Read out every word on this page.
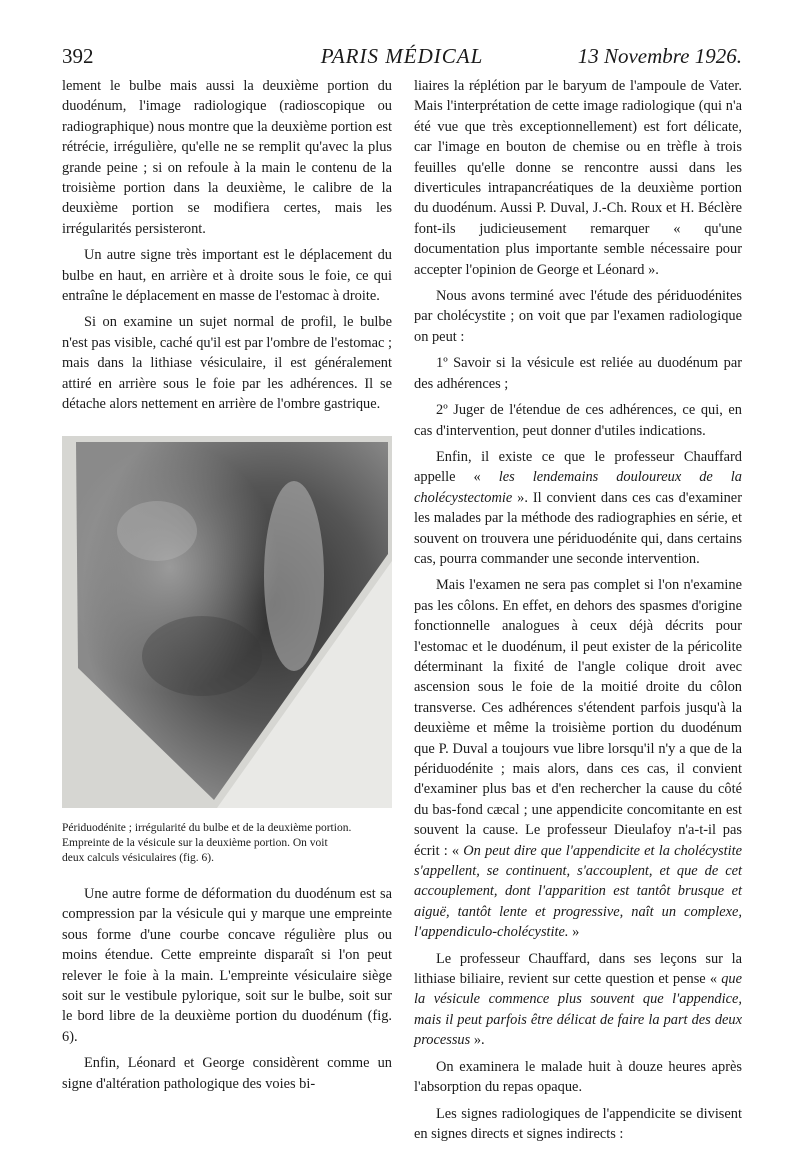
392	PARIS MÉDICAL	13 Novembre 1926.

lement le bulbe mais aussi la deuxième portion du duodénum, l'image radiologique (radioscopique ou radiographique) nous montre que la deuxième portion est rétrécie, irrégulière, qu'elle ne se remplit qu'avec la plus grande peine ; si on refoule à la main le contenu de la troisième portion dans la deuxième, le calibre de la deuxième portion se modifiera certes, mais les irrégularités persisteront.

Un autre signe très important est le déplacement du bulbe en haut, en arrière et à droite sous le foie, ce qui entraîne le déplacement en masse de l'estomac à droite.

Si on examine un sujet normal de profil, le bulbe n'est pas visible, caché qu'il est par l'ombre de l'estomac ; mais dans la lithiase vésiculaire, il est généralement attiré en arrière sous le foie par les adhérences. Il se détache alors nettement en arrière de l'ombre gastrique.

Périduodénite ; irrégularité du bulbe et de la deuxième portion.
Empreinte de la vésicule sur la deuxième portion. On voit
deux calculs vésiculaires (fig. 6).

Une autre forme de déformation du duodénum est sa compression par la vésicule qui y marque une empreinte sous forme d'une courbe concave régulière plus ou moins étendue. Cette empreinte disparaît si l'on peut relever le foie à la main. L'empreinte vésiculaire siège soit sur le vestibule pylorique, soit sur le bulbe, soit sur le bord libre de la deuxième portion du duodénum (fig. 6).

Enfin, Léonard et George considèrent comme un signe d'altération pathologique des voies bi-

liaires la réplétion par le baryum de l'ampoule de Vater. Mais l'interprétation de cette image radiologique (qui n'a été vue que très exceptionnellement) est fort délicate, car l'image en bouton de chemise ou en trèfle à trois feuilles qu'elle donne se rencontre aussi dans les diverticules intrapancréatiques de la deuxième portion du duodénum. Aussi P. Duval, J.-Ch. Roux et H. Béclère font-ils judicieusement remarquer « qu'une documentation plus importante semble nécessaire pour accepter l'opinion de George et Léonard ».

Nous avons terminé avec l'étude des périduodénites par cholécystite ; on voit que par l'examen radiologique on peut :

1º Savoir si la vésicule est reliée au duodénum par des adhérences ;

2º Juger de l'étendue de ces adhérences, ce qui, en cas d'intervention, peut donner d'utiles indications.

Enfin, il existe ce que le professeur Chauffard appelle « les lendemains douloureux de la cholécystectomie ». Il convient dans ces cas d'examiner les malades par la méthode des radiographies en série, et souvent on trouvera une périduodénite qui, dans certains cas, pourra commander une seconde intervention.

Mais l'examen ne sera pas complet si l'on n'examine pas les côlons. En effet, en dehors des spasmes d'origine fonctionnelle analogues à ceux déjà décrits pour l'estomac et le duodénum, il peut exister de la péricolite déterminant la fixité de l'angle colique droit avec ascension sous le foie de la moitié droite du côlon transverse. Ces adhérences s'étendent parfois jusqu'à la deuxième et même la troisième portion du duodénum que P. Duval a toujours vue libre lorsqu'il n'y a que de la périduodénite ; mais alors, dans ces cas, il convient d'examiner plus bas et d'en rechercher la cause du côté du bas-fond cæcal ; une appendicite concomitante en est souvent la cause. Le professeur Dieulafoy n'a-t-il pas écrit : « On peut dire que l'appendicite et la cholécystite s'appellent, se continuent, s'accouplent, et que de cet accouplement, dont l'apparition est tantôt brusque et aiguë, tantôt lente et progressive, naît un complexe, l'appendiculo-cholécystite. »

Le professeur Chauffard, dans ses leçons sur la lithiase biliaire, revient sur cette question et pense « que la vésicule commence plus souvent que l'appendice, mais il peut parfois être délicat de faire la part des deux processus ».

On examinera le malade huit à douze heures après l'absorption du repas opaque.

Les signes radiologiques de l'appendicite se divisent en signes directs et signes indirects :
